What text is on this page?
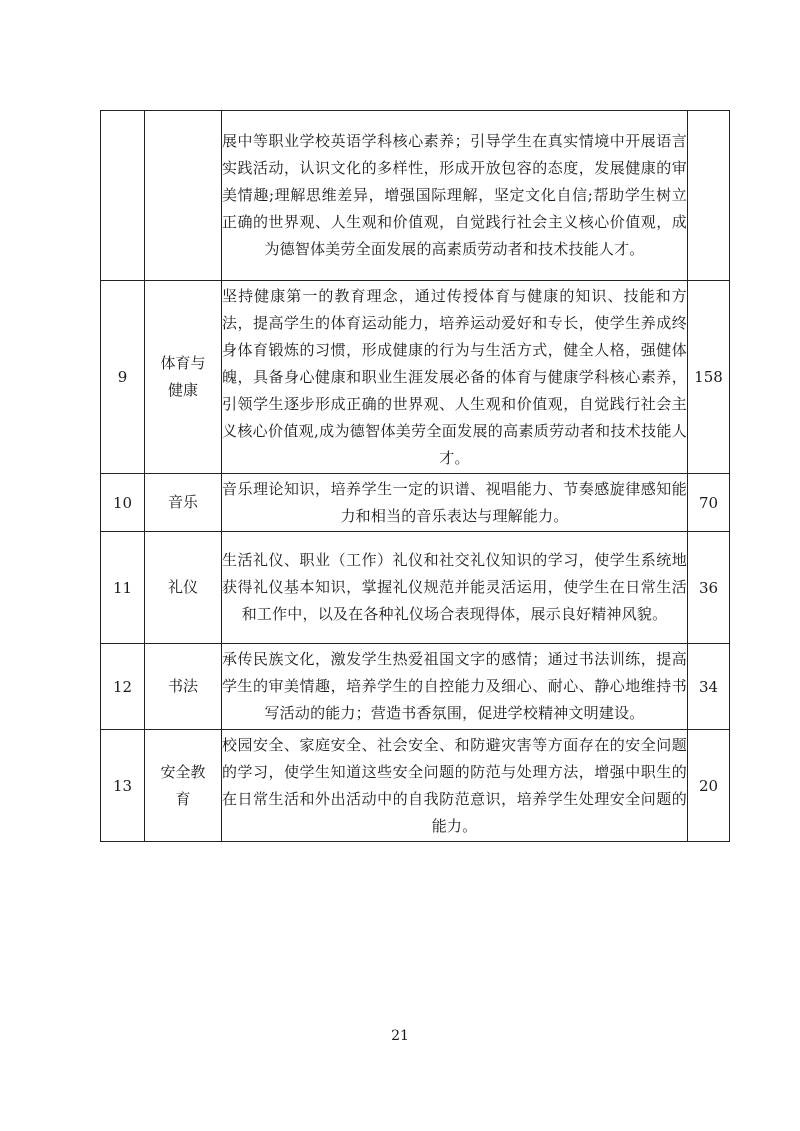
		展中等职业学校英语学科核心素养；引导学生在真实情境中开展语言实践活动，认识文化的多样性，形成开放包容的态度，发展健康的审美情趣;理解思维差异，增强国际理解，坚定文化自信;帮助学生树立正确的世界观、人生观和价值观，自觉践行社会主义核心价值观，成为德智体美劳全面发展的高素质劳动者和技术技能人才。	
9	体育与健康	坚持健康第一的教育理念，通过传授体育与健康的知识、技能和方法，提高学生的体育运动能力，培养运动爱好和专长，使学生养成终身体育锻炼的习惯，形成健康的行为与生活方式，健全人格，强健体魄，具备身心健康和职业生涯发展必备的体育与健康学科核心素养，引领学生逐步形成正确的世界观、人生观和价值观，自觉践行社会主义核心价值观,成为德智体美劳全面发展的高素质劳动者和技术技能人才。	158
10	音乐	音乐理论知识，培养学生一定的识谱、视唱能力、节奏感旋律感知能力和相当的音乐表达与理解能力。	70
11	礼仪	生活礼仪、职业（工作）礼仪和社交礼仪知识的学习，使学生系统地获得礼仪基本知识，掌握礼仪规范并能灵活运用，使学生在日常生活和工作中，以及在各种礼仪场合表现得体，展示良好精神风貌。	36
12	书法	承传民族文化，激发学生热爱祖国文字的感情；通过书法训练，提高学生的审美情趣，培养学生的自控能力及细心、耐心、静心地维持书写活动的能力；营造书香氛围，促进学校精神文明建设。	34
13	安全教育	校园安全、家庭安全、社会安全、和防避灾害等方面存在的安全问题的学习，使学生知道这些安全问题的防范与处理方法，增强中职生的在日常生活和外出活动中的自我防范意识，培养学生处理安全问题的能力。	20
21
